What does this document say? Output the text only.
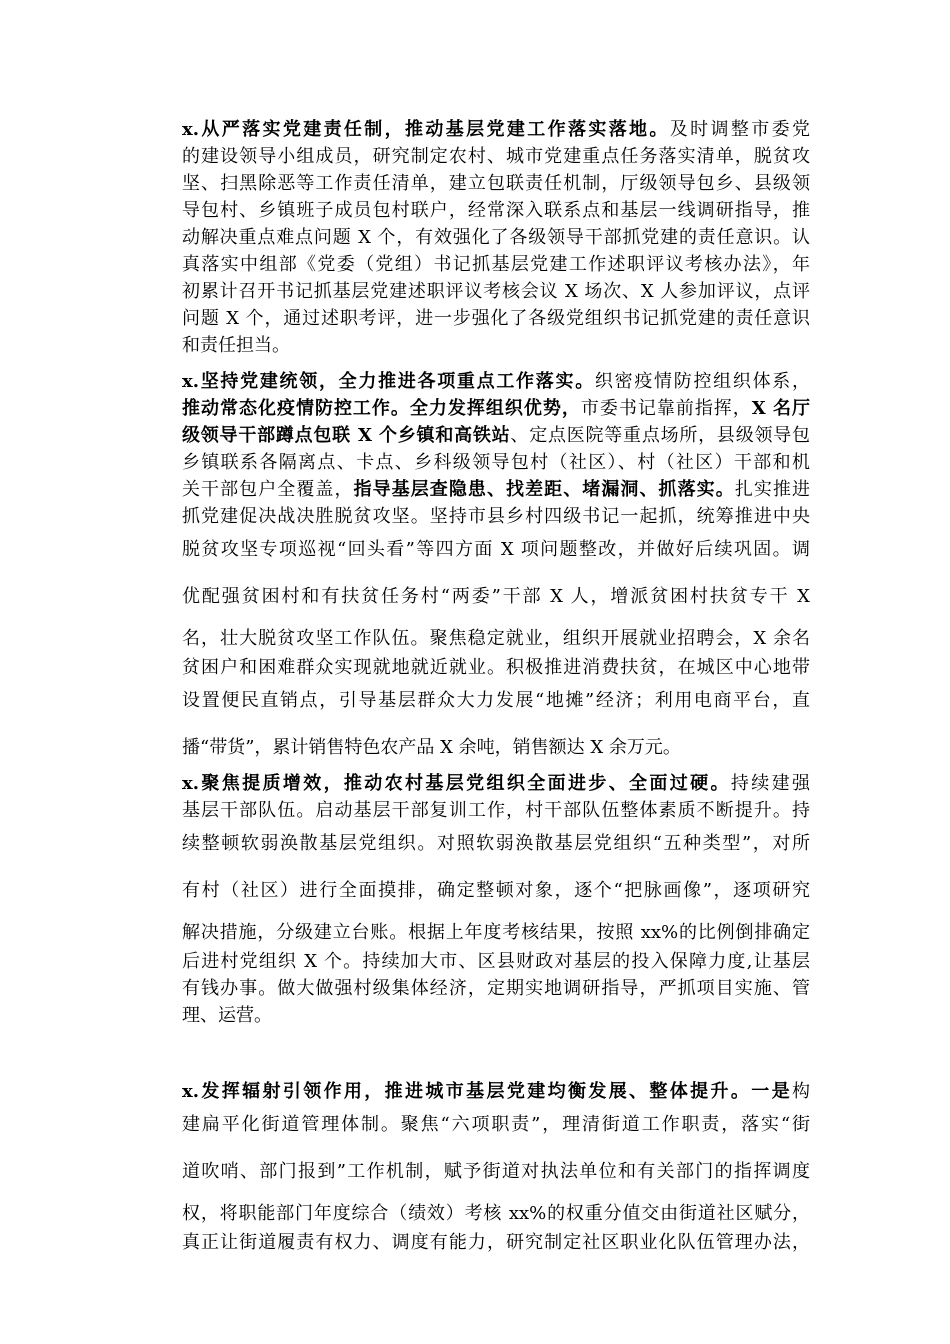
x.从严落实党建责任制，推动基层党建工作落实落地。及时调整市委党
的建设领导小组成员，研究制定农村、城市党建重点任务落实清单，脱贫攻
坚、扫黑除恶等工作责任清单，建立包联责任机制，厅级领导包乡、县级领
导包村、乡镇班子成员包村联户，经常深入联系点和基层一线调研指导，推
动解决重点难点问题 X 个，有效强化了各级领导干部抓党建的责任意识。认
真落实中组部《党委（党组）书记抓基层党建工作述职评议考核办法》，年
初累计召开书记抓基层党建述职评议考核会议 X 场次、X 人参加评议，点评
问题 X 个，通过述职考评，进一步强化了各级党组织书记抓党建的责任意识
和责任担当。
x.坚持党建统领，全力推进各项重点工作落实。织密疫情防控组织体系，
推动常态化疫情防控工作。全力发挥组织优势，市委书记靠前指挥，X 名厅
级领导干部蹲点包联 X 个乡镇和高铁站、定点医院等重点场所，县级领导包
乡镇联系各隔离点、卡点、乡科级领导包村（社区）、村（社区）干部和机
关干部包户全覆盖，指导基层查隐患、找差距、堵漏洞、抓落实。扎实推进
抓党建促决战决胜脱贫攻坚。坚持市县乡村四级书记一起抓，统筹推进中央
脱贫攻坚专项巡视“回头看”等四方面 X 项问题整改，并做好后续巩固。调
优配强贫困村和有扶贫任务村“两委”干部 X 人，增派贫困村扶贫专干 X
名，壮大脱贫攻坚工作队伍。聚焦稳定就业，组织开展就业招聘会，X 余名
贫困户和困难群众实现就地就近就业。积极推进消费扶贫，在城区中心地带
设置便民直销点，引导基层群众大力发展“地摊”经济；利用电商平台，直
播“带货”，累计销售特色农产品 X 余吨，销售额达 X 余万元。
x.聚焦提质增效，推动农村基层党组织全面进步、全面过硬。持续建强
基层干部队伍。启动基层干部复训工作，村干部队伍整体素质不断提升。持
续整顿软弱涣散基层党组织。对照软弱涣散基层党组织“五种类型”，对所
有村（社区）进行全面摸排，确定整顿对象，逐个“把脉画像”，逐项研究
解决措施，分级建立台账。根据上年度考核结果，按照 xx%的比例倒排确定
后进村党组织 X 个。持续加大市、区县财政对基层的投入保障力度,让基层
有钱办事。做大做强村级集体经济，定期实地调研指导，严抓项目实施、管
理、运营。
x.发挥辐射引领作用，推进城市基层党建均衡发展、整体提升。一是构
建扁平化街道管理体制。聚焦“六项职责”，理清街道工作职责，落实“街
道吹哨、部门报到”工作机制，赋予街道对执法单位和有关部门的指挥调度
权，将职能部门年度综合（绩效）考核 xx%的权重分值交由街道社区赋分，
真正让街道履责有权力、调度有能力，研究制定社区职业化队伍管理办法，
